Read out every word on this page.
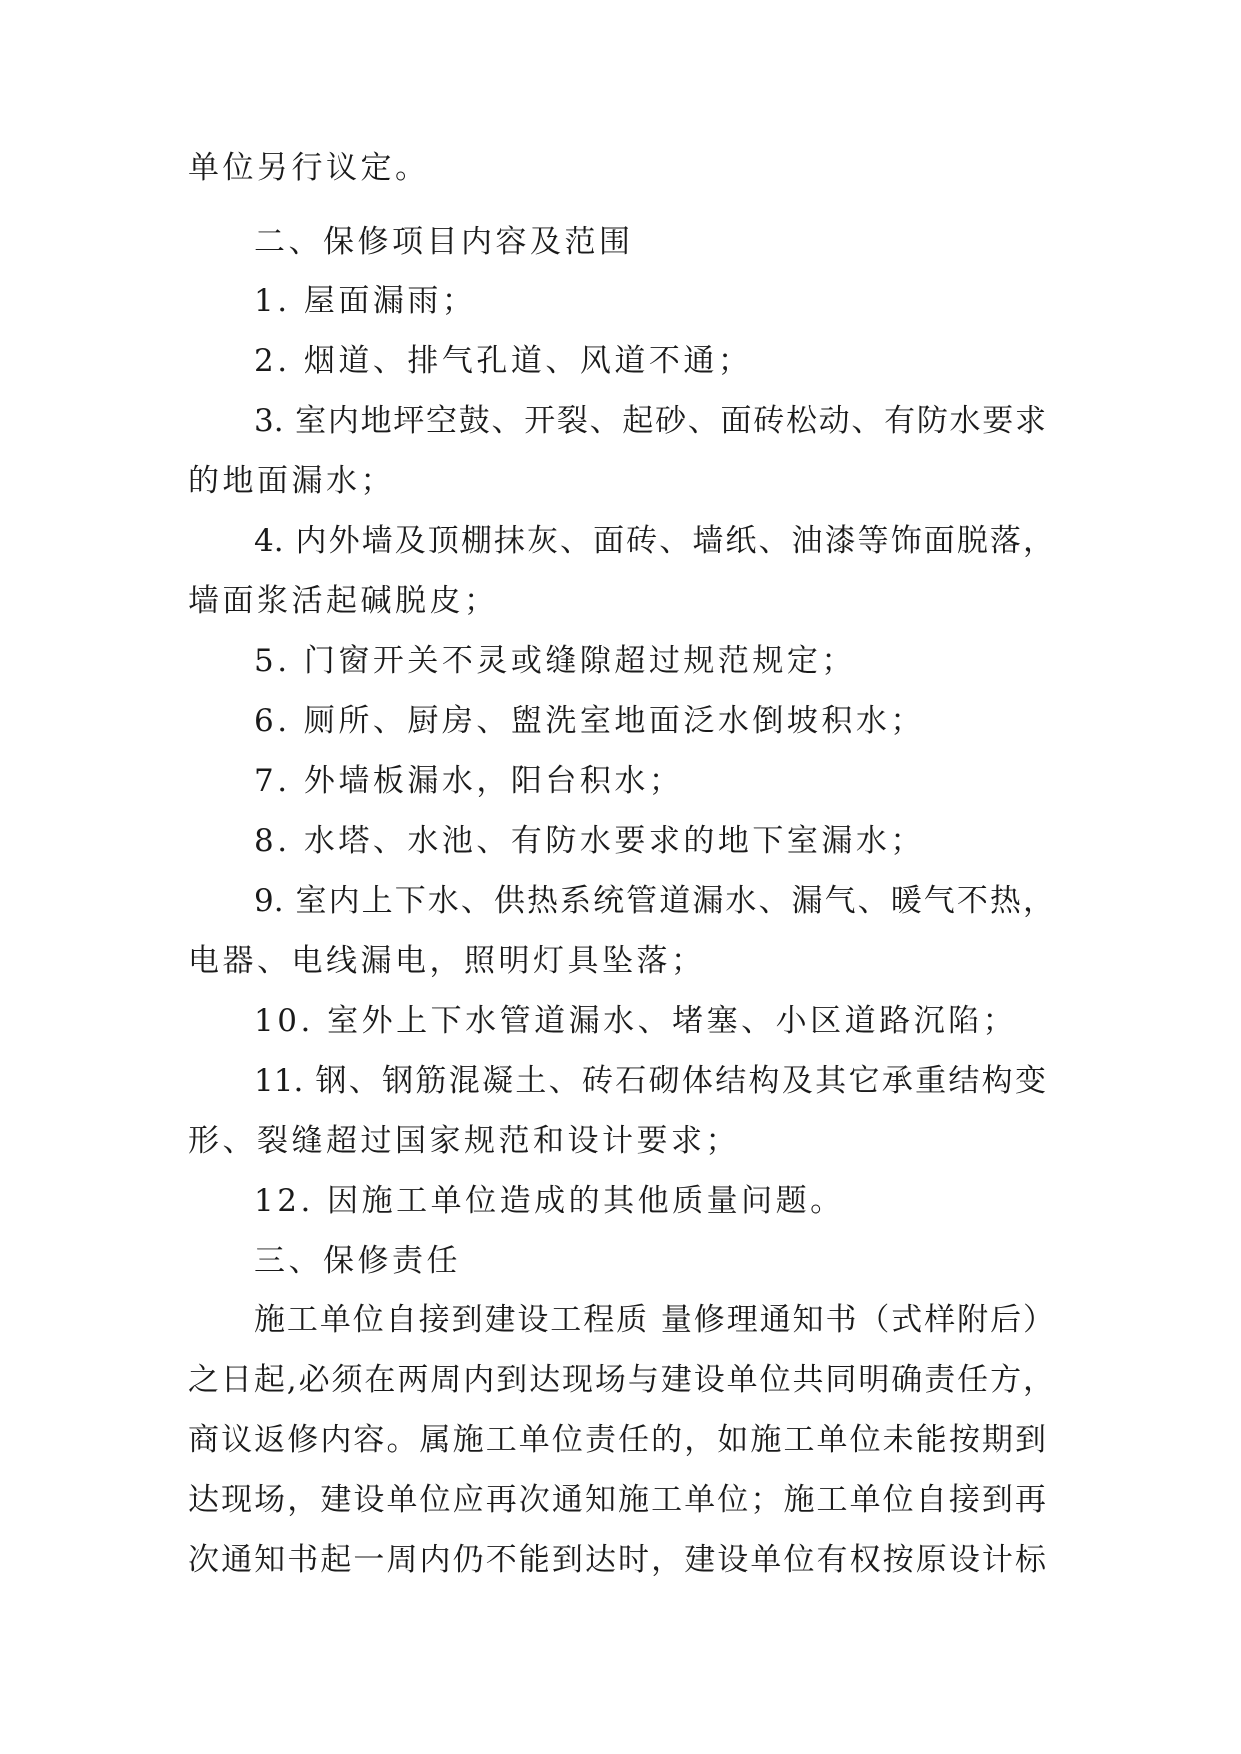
单位另行议定。
二、保修项目内容及范围
1. 屋面漏雨；
2. 烟道、排气孔道、风道不通；
3. 室内地坪空鼓、开裂、起砂、面砖松动、有防水要求
的地面漏水；
4. 内外墙及顶棚抹灰、面砖、墙纸、油漆等饰面脱落，
墙面浆活起碱脱皮；
5. 门窗开关不灵或缝隙超过规范规定；
6. 厕所、厨房、盥洗室地面泛水倒坡积水；
7. 外墙板漏水，阳台积水；
8. 水塔、水池、有防水要求的地下室漏水；
9. 室内上下水、供热系统管道漏水、漏气、暖气不热，
电器、电线漏电，照明灯具坠落；
10. 室外上下水管道漏水、堵塞、小区道路沉陷；
11. 钢、钢筋混凝土、砖石砌体结构及其它承重结构变
形、裂缝超过国家规范和设计要求；
12. 因施工单位造成的其他质量问题。
三、保修责任
施工单位自接到建设工程质 量修理通知书（式样附后）
之日起,必须在两周内到达现场与建设单位共同明确责任方，
商议返修内容。属施工单位责任的，如施工单位未能按期到
达现场，建设单位应再次通知施工单位；施工单位自接到再
次通知书起一周内仍不能到达时，建设单位有权按原设计标
